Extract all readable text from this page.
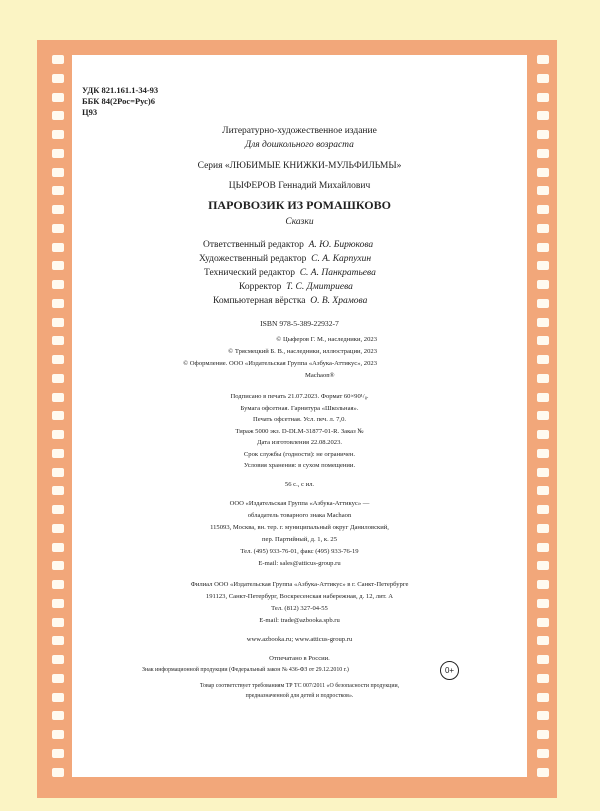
УДК 821.161.1-34-93
ББК 84(2Рос=Рус)6
Ц93
Литературно-художественное издание
Для дошкольного возраста
Серия «ЛЮБИМЫЕ КНИЖКИ-МУЛЬФИЛЬМЫ»
ЦЫФЕРОВ Геннадий Михайлович
ПАРОВОЗИК ИЗ РОМАШКОВО
Сказки
Ответственный редактор А. Ю. Бирюкова
Художественный редактор С. А. Карпухин
Технический редактор С. А. Панкратьева
Корректор Т. С. Дмитриева
Компьютерная вёрстка О. В. Храмова
ISBN 978-5-389-22932-7
© Цыферов Г. М., наследники, 2023
© Трясмецкий Б. В., наследники, иллюстрации, 2023
© Оформление. ООО «Издательская Группа «Азбука-Аттикус», 2023
Machaon®
Подписано в печать 21.07.2023. Формат 60×90¹/₈.
Бумага офсетная. Гарнитура «Школьная».
Печать офсетная. Усл. печ. л. 7,0.
Тираж 5000 экз. D-DLM-31877-01-R. Заказ №
Дата изготовления 22.08.2023.
Срок службы (годности): не ограничен.
Условия хранения: в сухом помещении.
56 с., с ил.
ООО «Издательская Группа «Азбука-Аттикус» —
обладатель товарного знака Machaon
115093, Москва, вн. тер. г. муниципальный округ Даниловский,
пер. Партийный, д. 1, к. 25
Тел. (495) 933-76-01, факс (495) 933-76-19
E-mail: sales@atticus-group.ru
Филиал ООО «Издательская Группа «Азбука-Аттикус» в г. Санкт-Петербурге
191123, Санкт-Петербург, Воскресенская набережная, д. 12, лит. А
Тел. (812) 327-04-55
E-mail: trade@azbooka.spb.ru
www.azbooka.ru; www.atticus-group.ru
Отпечатано в России.
Знак информационной продукции (Федеральный закон № 436-ФЗ от 29.12.2010 г.)	0+
Товар соответствует требованиям ТР ТС 007/2011 «О безопасности продукции,
предназначенной для детей и подростков».
